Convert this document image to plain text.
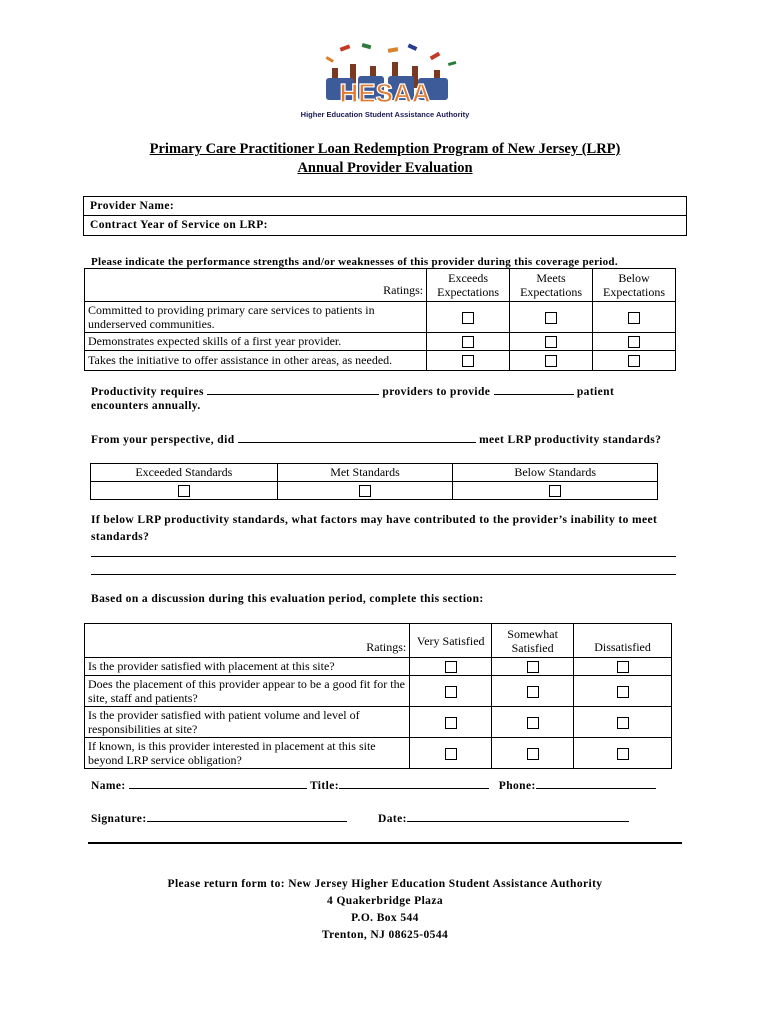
HESAA
Higher Education Student Assistance Authority
Primary Care Practitioner Loan Redemption Program of New Jersey (LRP)
Annual Provider Evaluation
Provider Name:
Contract Year of Service on LRP:
Please indicate the performance strengths and/or weaknesses of this provider during this coverage period.
Ratings:	Exceeds Expectations	Meets Expectations	Below Expectations
Committed to providing primary care services to patients in underserved communities.			
Demonstrates expected skills of a first year provider.			
Takes the initiative to offer assistance in other areas, as needed.			
Productivity requires	providers to provide	patient
encounters annually.
From your perspective, did	meet LRP productivity standards?
Exceeded Standards	Met Standards	Below Standards

If below LRP productivity standards, what factors may have contributed to the provider’s inability to meet standards?
Based on a discussion during this evaluation period, complete this section:
Ratings:	Very Satisfied	Somewhat Satisfied	Dissatisfied
Is the provider satisfied with placement at this site?			
Does the placement of this provider appear to be a good fit for the site, staff and patients?			
Is the provider satisfied with patient volume and level of responsibilities at site?			
If known, is this provider interested in placement at this site beyond LRP service obligation?			
Name:	Title:	Phone:
Signature:	Date:
Please return form to: New Jersey Higher Education Student Assistance Authority
4 Quakerbridge Plaza
P.O. Box 544
Trenton, NJ 08625-0544
